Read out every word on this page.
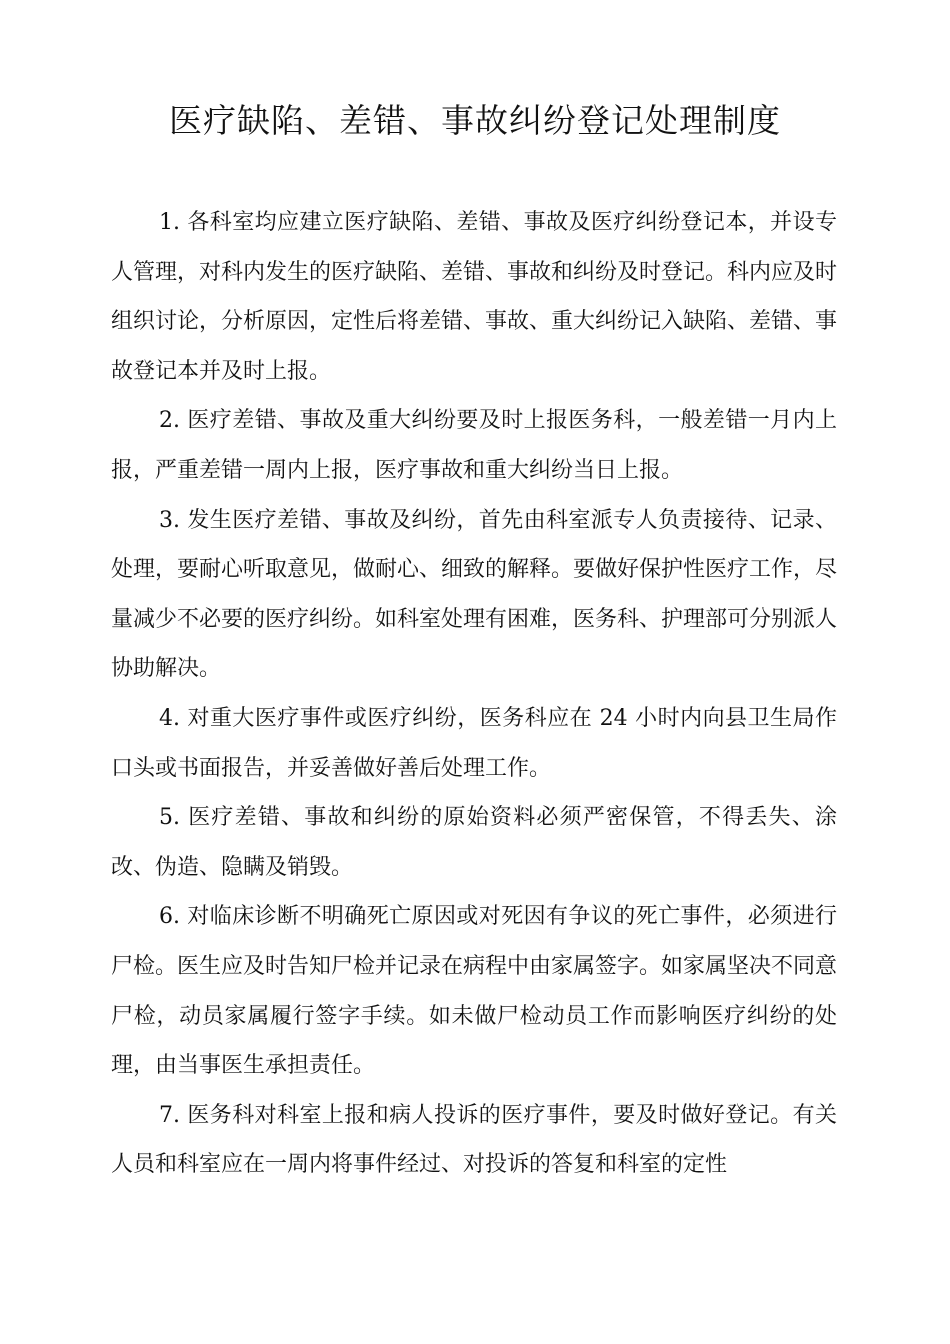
医疗缺陷、差错、事故纠纷登记处理制度

1. 各科室均应建立医疗缺陷、差错、事故及医疗纠纷登记本，并设专人管理，对科内发生的医疗缺陷、差错、事故和纠纷及时登记。科内应及时组织讨论，分析原因，定性后将差错、事故、重大纠纷记入缺陷、差错、事故登记本并及时上报。

2. 医疗差错、事故及重大纠纷要及时上报医务科，一般差错一月内上报，严重差错一周内上报，医疗事故和重大纠纷当日上报。

3. 发生医疗差错、事故及纠纷，首先由科室派专人负责接待、记录、处理，要耐心听取意见，做耐心、细致的解释。要做好保护性医疗工作，尽量减少不必要的医疗纠纷。如科室处理有困难，医务科、护理部可分别派人协助解决。

4. 对重大医疗事件或医疗纠纷，医务科应在 24 小时内向县卫生局作口头或书面报告，并妥善做好善后处理工作。

5. 医疗差错、事故和纠纷的原始资料必须严密保管，不得丢失、涂改、伪造、隐瞒及销毁。

6. 对临床诊断不明确死亡原因或对死因有争议的死亡事件，必须进行尸检。医生应及时告知尸检并记录在病程中由家属签字。如家属坚决不同意尸检，动员家属履行签字手续。如未做尸检动员工作而影响医疗纠纷的处理，由当事医生承担责任。

7. 医务科对科室上报和病人投诉的医疗事件，要及时做好登记。有关人员和科室应在一周内将事件经过、对投诉的答复和科室的定性
